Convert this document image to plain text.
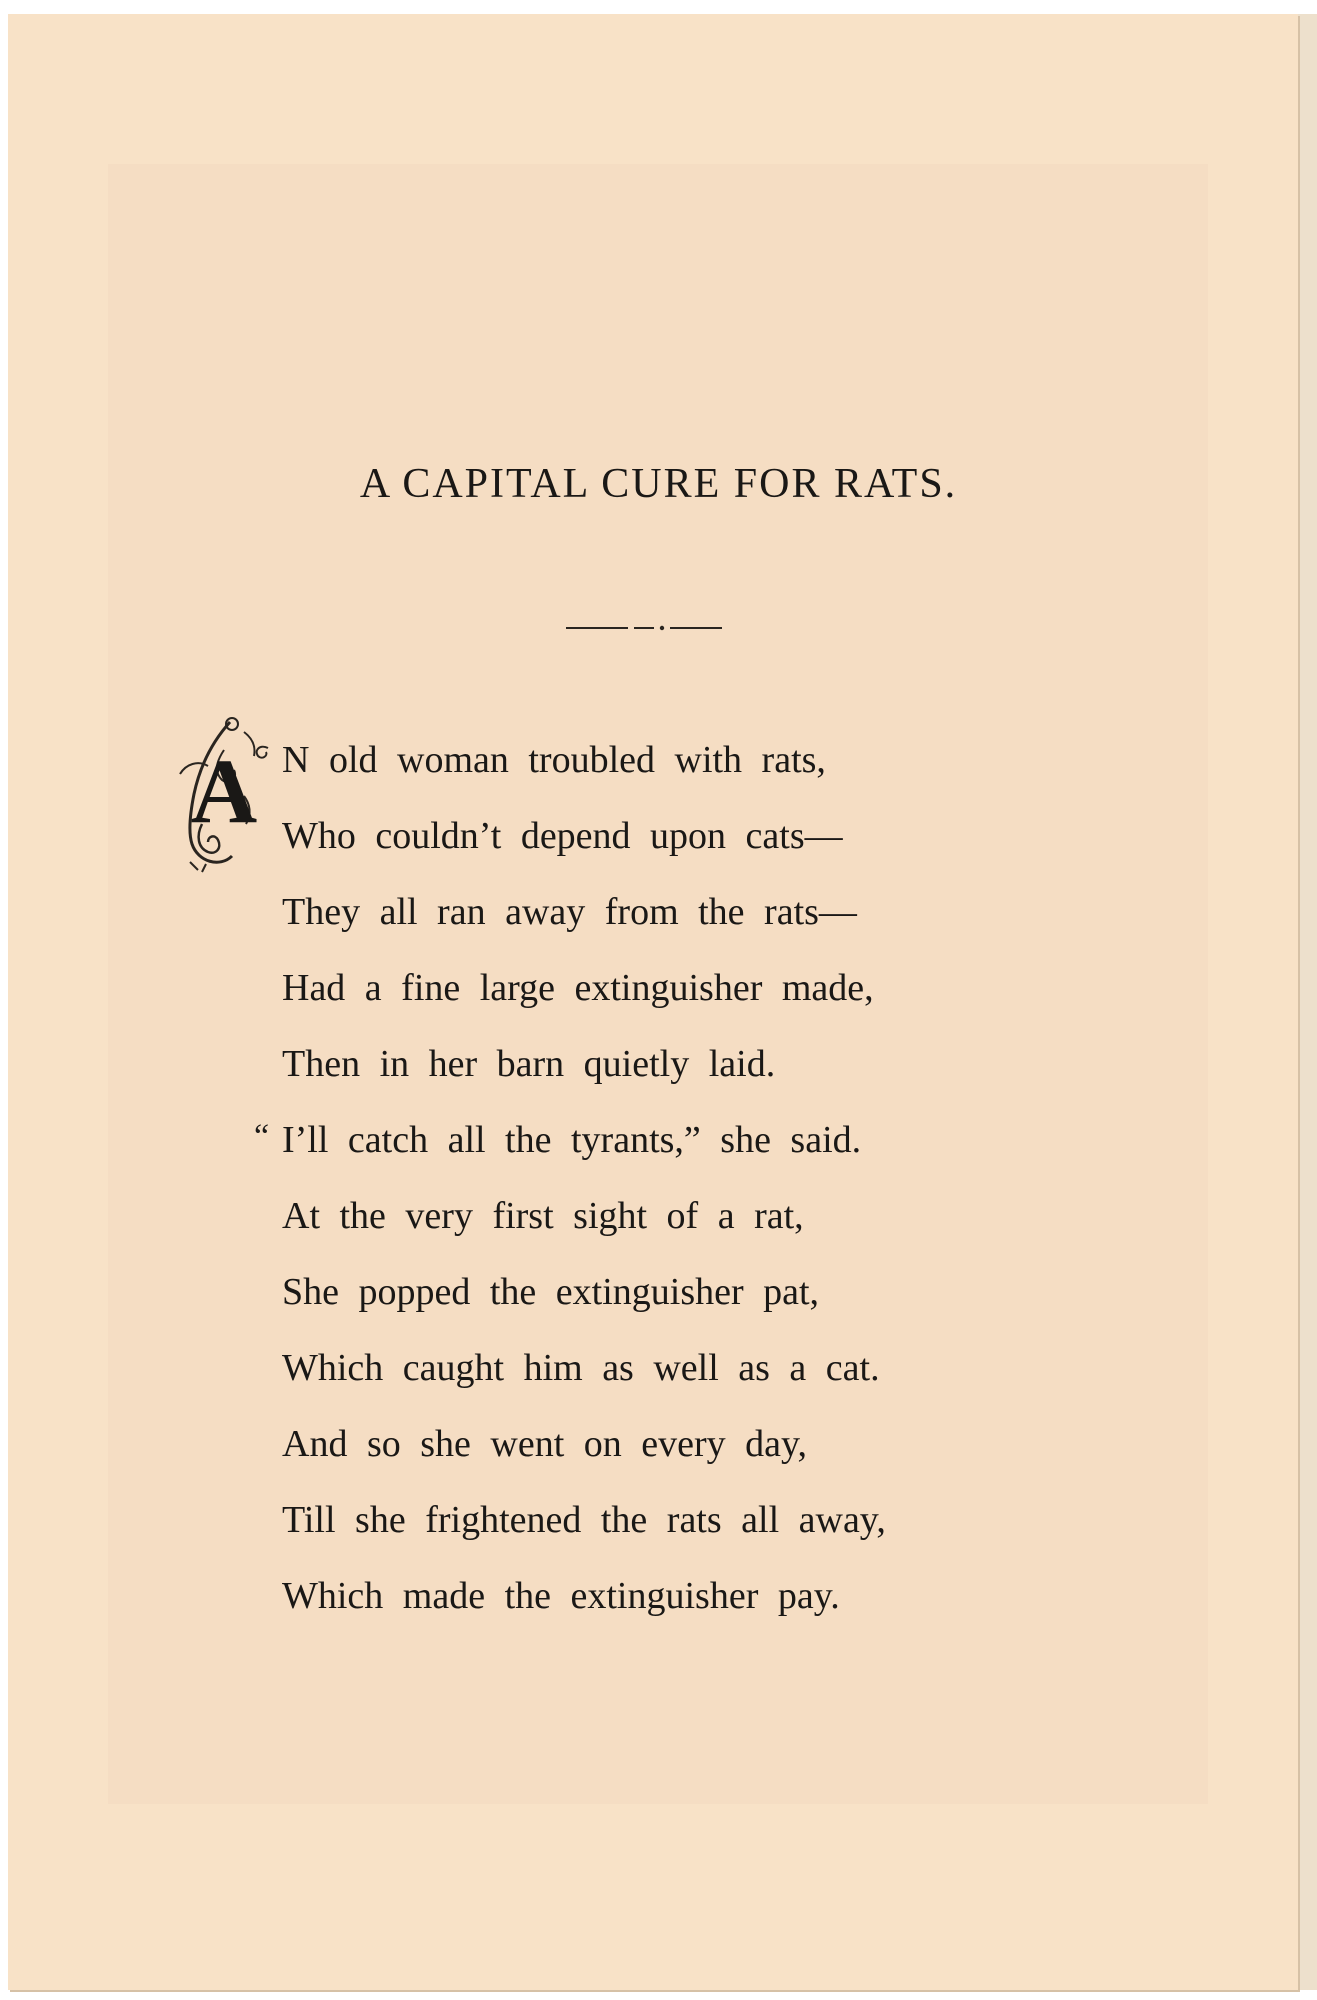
A CAPITAL CURE FOR RATS.
A
“
N old woman troubled with rats,
Who couldn’t depend upon cats—
They all ran away from the rats—
Had a fine large extinguisher made,
Then in her barn quietly laid.
I’ll catch all the tyrants,” she said.
At the very first sight of a rat,
She popped the extinguisher pat,
Which caught him as well as a cat.
And so she went on every day,
Till she frightened the rats all away,
Which made the extinguisher pay.
